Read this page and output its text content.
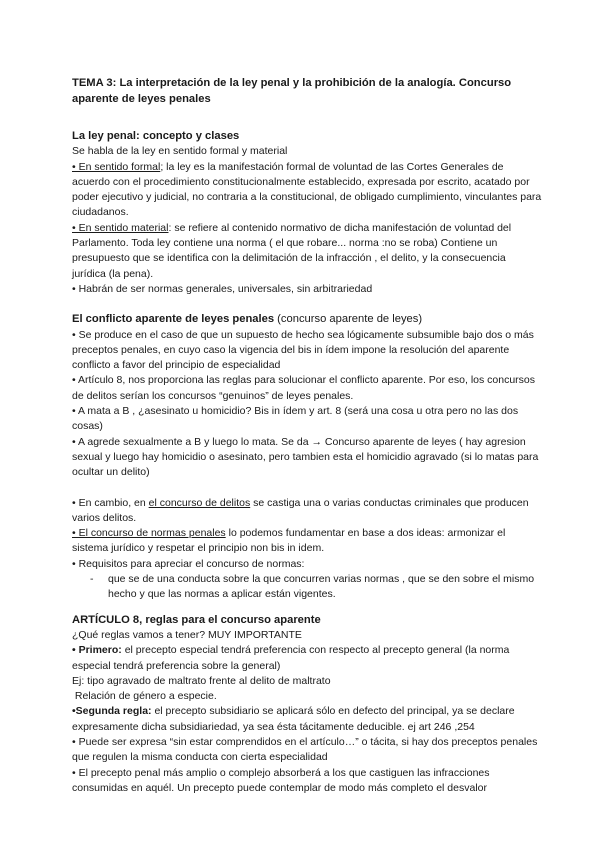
TEMA 3: La interpretación de la ley penal y la prohibición de la analogía. Concurso aparente de leyes penales

La ley penal: concepto y clases

Se habla de la ley en sentido formal y material

• En sentido formal; la ley es la manifestación formal de voluntad de las Cortes Generales de acuerdo con el procedimiento constitucionalmente establecido, expresada por escrito, acatado por poder ejecutivo y judicial, no contraria a la constitucional, de obligado cumplimiento, vinculantes para ciudadanos.

• En sentido material: se refiere al contenido normativo de dicha manifestación de voluntad del Parlamento. Toda ley contiene una norma ( el que robare... norma :no se roba) Contiene un presupuesto que se identifica con la delimitación de la infracción , el delito, y la consecuencia jurídica (la pena).

• Habrán de ser normas generales, universales, sin arbitrariedad

El conflicto aparente de leyes penales (concurso aparente de leyes)

• Se produce en el caso de que un supuesto de hecho sea lógicamente subsumible bajo dos o más preceptos penales, en cuyo caso la vigencia del bis in ídem impone la resolución del aparente conflicto a favor del principio de especialidad

• Artículo 8, nos proporciona las reglas para solucionar el conflicto aparente. Por eso, los concursos de delitos serían los concursos “genuinos” de leyes penales.

• A mata a B , ¿asesinato u homicidio? Bis in ídem y art. 8 (será una cosa u otra pero no las dos cosas)

• A agrede sexualmente a B y luego lo mata. Se da → Concurso aparente de leyes ( hay agresion sexual y luego hay homicidio o asesinato, pero tambien esta el homicidio agravado (si lo matas para ocultar un delito)

• En cambio, en el concurso de delitos se castiga una o varias conductas criminales que producen varios delitos.

• El concurso de normas penales lo podemos fundamentar en base a dos ideas: armonizar el sistema jurídico y respetar el principio non bis in idem.

• Requisitos para apreciar el concurso de normas:

-	que se de una conducta sobre la que concurren varias normas , que se den sobre el mismo hecho y que las normas a aplicar están vigentes.

ARTÍCULO 8, reglas para el concurso aparente

¿Qué reglas vamos a tener? MUY IMPORTANTE

• Primero: el precepto especial tendrá preferencia con respecto al precepto general (la norma especial tendrá preferencia sobre la general)

Ej: tipo agravado de maltrato frente al delito de maltrato

Relación de género a especie.

•Segunda regla: el precepto subsidiario se aplicará sólo en defecto del principal, ya se declare expresamente dicha subsidiariedad, ya sea ésta tácitamente deducible. ej art 246 ,254

• Puede ser expresa “sin estar comprendidos en el artículo…” o tácita, si hay dos preceptos penales que regulen la misma conducta con cierta especialidad

• El precepto penal más amplio o complejo absorberá a los que castiguen las infracciones consumidas en aquél. Un precepto puede contemplar de modo más completo el desvalor
